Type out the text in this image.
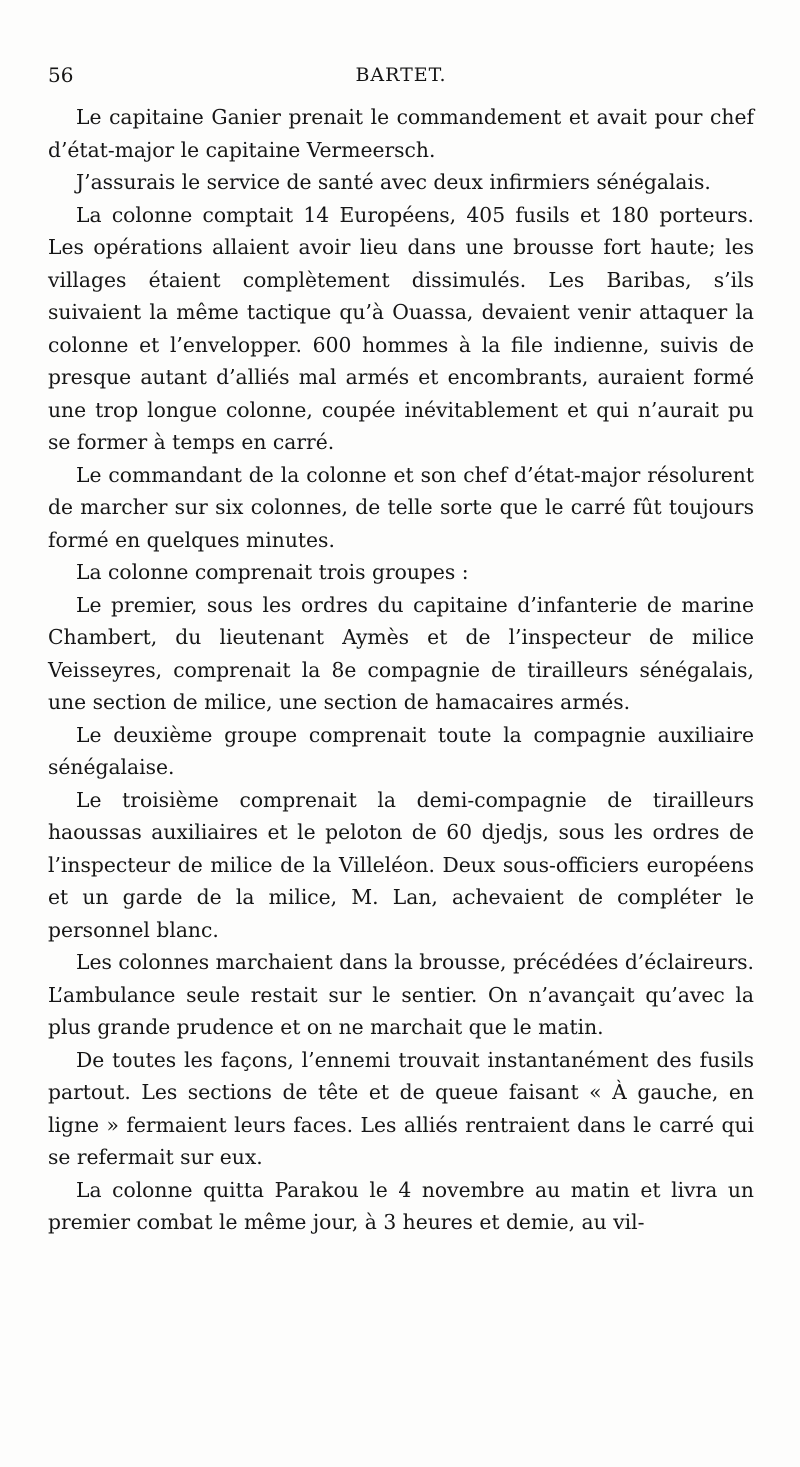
56	BARTET.

Le capitaine Ganier prenait le commandement et avait pour chef d’état-major le capitaine Vermeersch.

J’assurais le service de santé avec deux infirmiers sénégalais.

La colonne comptait 14 Européens, 405 fusils et 180 porteurs. Les opérations allaient avoir lieu dans une brousse fort haute; les villages étaient complètement dissimulés. Les Baribas, s’ils suivaient la même tactique qu’à Ouassa, devaient venir attaquer la colonne et l’envelopper. 600 hommes à la file indienne, suivis de presque autant d’alliés mal armés et encombrants, auraient formé une trop longue colonne, coupée inévitablement et qui n’aurait pu se former à temps en carré.

Le commandant de la colonne et son chef d’état-major résolurent de marcher sur six colonnes, de telle sorte que le carré fût toujours formé en quelques minutes.

La colonne comprenait trois groupes :

Le premier, sous les ordres du capitaine d’infanterie de marine Chambert, du lieutenant Aymès et de l’inspecteur de milice Veisseyres, comprenait la 8e compagnie de tirailleurs sénégalais, une section de milice, une section de hamacaires armés.

Le deuxième groupe comprenait toute la compagnie auxiliaire sénégalaise.

Le troisième comprenait la demi-compagnie de tirailleurs haoussas auxiliaires et le peloton de 60 djedjs, sous les ordres de l’inspecteur de milice de la Villeléon. Deux sous-officiers européens et un garde de la milice, M. Lan, achevaient de compléter le personnel blanc.

Les colonnes marchaient dans la brousse, précédées d’éclaireurs. L’ambulance seule restait sur le sentier. On n’avançait qu’avec la plus grande prudence et on ne marchait que le matin.

De toutes les façons, l’ennemi trouvait instantanément des fusils partout. Les sections de tête et de queue faisant « À gauche, en ligne » fermaient leurs faces. Les alliés rentraient dans le carré qui se refermait sur eux.

La colonne quitta Parakou le 4 novembre au matin et livra un premier combat le même jour, à 3 heures et demie, au vil-
